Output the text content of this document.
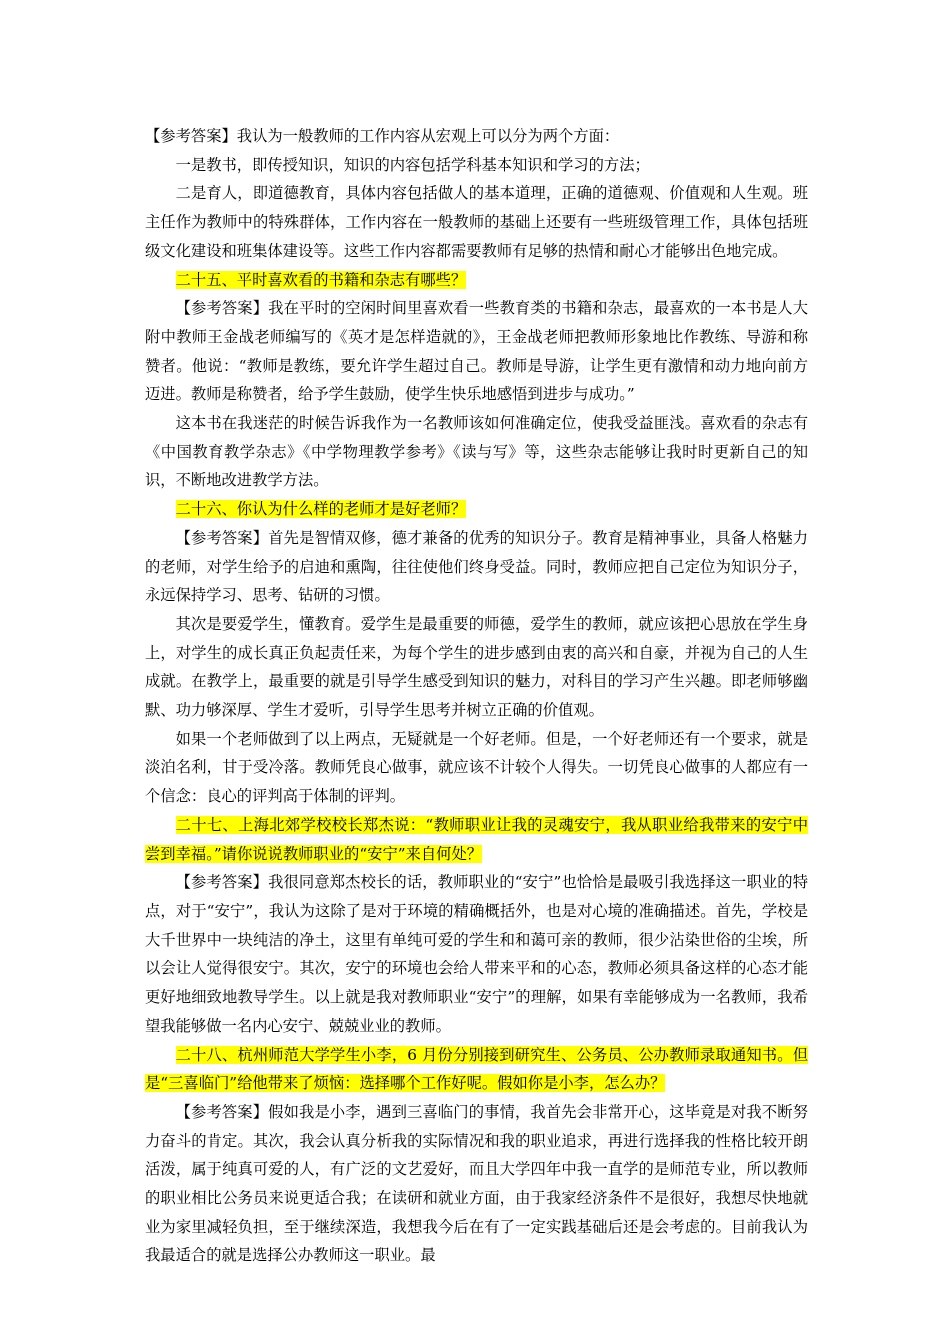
【参考答案】我认为一般教师的工作内容从宏观上可以分为两个方面：

一是教书，即传授知识，知识的内容包括学科基本知识和学习的方法；

二是育人，即道德教育，具体内容包括做人的基本道理，正确的道德观、价值观和人生观。班主任作为教师中的特殊群体，工作内容在一般教师的基础上还要有一些班级管理工作，具体包括班级文化建设和班集体建设等。这些工作内容都需要教师有足够的热情和耐心才能够出色地完成。

二十五、平时喜欢看的书籍和杂志有哪些？

【参考答案】我在平时的空闲时间里喜欢看一些教育类的书籍和杂志，最喜欢的一本书是人大附中教师王金战老师编写的《英才是怎样造就的》，王金战老师把教师形象地比作教练、导游和称赞者。他说：“教师是教练，要允许学生超过自己。教师是导游，让学生更有激情和动力地向前方迈进。教师是称赞者，给予学生鼓励，使学生快乐地感悟到进步与成功。”

这本书在我迷茫的时候告诉我作为一名教师该如何准确定位，使我受益匪浅。喜欢看的杂志有《中国教育教学杂志》《中学物理教学参考》《读与写》等，这些杂志能够让我时时更新自己的知识，不断地改进教学方法。

二十六、你认为什么样的老师才是好老师？

【参考答案】首先是智情双修，德才兼备的优秀的知识分子。教育是精神事业，具备人格魅力的老师，对学生给予的启迪和熏陶，往往使他们终身受益。同时，教师应把自己定位为知识分子，永远保持学习、思考、钻研的习惯。

其次是要爱学生，懂教育。爱学生是最重要的师德，爱学生的教师，就应该把心思放在学生身上，对学生的成长真正负起责任来，为每个学生的进步感到由衷的高兴和自豪，并视为自己的人生成就。在教学上，最重要的就是引导学生感受到知识的魅力，对科目的学习产生兴趣。即老师够幽默、功力够深厚、学生才爱听，引导学生思考并树立正确的价值观。

如果一个老师做到了以上两点，无疑就是一个好老师。但是，一个好老师还有一个要求，就是淡泊名利，甘于受冷落。教师凭良心做事，就应该不计较个人得失。一切凭良心做事的人都应有一个信念：良心的评判高于体制的评判。

二十七、上海北郊学校校长郑杰说：“教师职业让我的灵魂安宁，我从职业给我带来的安宁中尝到幸福。”请你说说教师职业的“安宁”来自何处？

【参考答案】我很同意郑杰校长的话，教师职业的“安宁”也恰恰是最吸引我选择这一职业的特点，对于“安宁”，我认为这除了是对于环境的精确概括外，也是对心境的准确描述。首先，学校是大千世界中一块纯洁的净土，这里有单纯可爱的学生和和蔼可亲的教师，很少沾染世俗的尘埃，所以会让人觉得很安宁。其次，安宁的环境也会给人带来平和的心态，教师必须具备这样的心态才能更好地细致地教导学生。以上就是我对教师职业“安宁”的理解，如果有幸能够成为一名教师，我希望我能够做一名内心安宁、兢兢业业的教师。

二十八、杭州师范大学学生小李，6 月份分别接到研究生、公务员、公办教师录取通知书。但是“三喜临门”给他带来了烦恼：选择哪个工作好呢。假如你是小李，怎么办？

【参考答案】假如我是小李，遇到三喜临门的事情，我首先会非常开心，这毕竟是对我不断努力奋斗的肯定。其次，我会认真分析我的实际情况和我的职业追求，再进行选择我的性格比较开朗活泼，属于纯真可爱的人，有广泛的文艺爱好，而且大学四年中我一直学的是师范专业，所以教师的职业相比公务员来说更适合我；在读研和就业方面，由于我家经济条件不是很好，我想尽快地就业为家里减轻负担，至于继续深造，我想我今后在有了一定实践基础后还是会考虑的。目前我认为我最适合的就是选择公办教师这一职业。最
